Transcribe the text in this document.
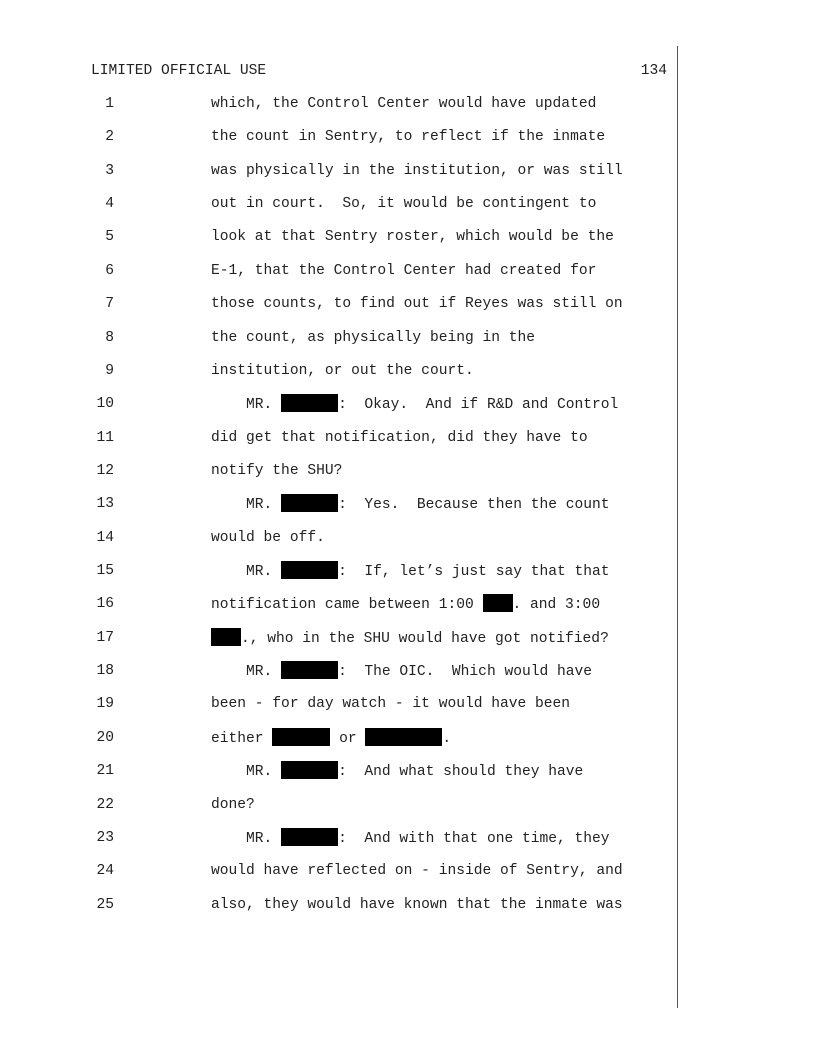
LIMITED OFFICIAL USE	134
1	which, the Control Center would have updated
2	the count in Sentry, to reflect if the inmate
3	was physically in the institution, or was still
4	out in court.  So, it would be contingent to
5	look at that Sentry roster, which would be the
6	E-1, that the Control Center had created for
7	those counts, to find out if Reyes was still on
8	the count, as physically being in the
9	institution, or out the court.
10	MR.	:  Okay.  And if R&D and Control
11	did get that notification, did they have to
12	notify the SHU?
13	MR.	:  Yes.  Because then the count
14	would be off.
15	MR.	:  If, let’s just say that that
16	notification came between 1:00 . and 3:00
17	., who in the SHU would have got notified?
18	MR.	:  The OIC.  Which would have
19	been - for day watch - it would have been
20	either	or	.
21	MR.	:  And what should they have
22	done?
23	MR.	:  And with that one time, they
24	would have reflected on - inside of Sentry, and
25	also, they would have known that the inmate was
